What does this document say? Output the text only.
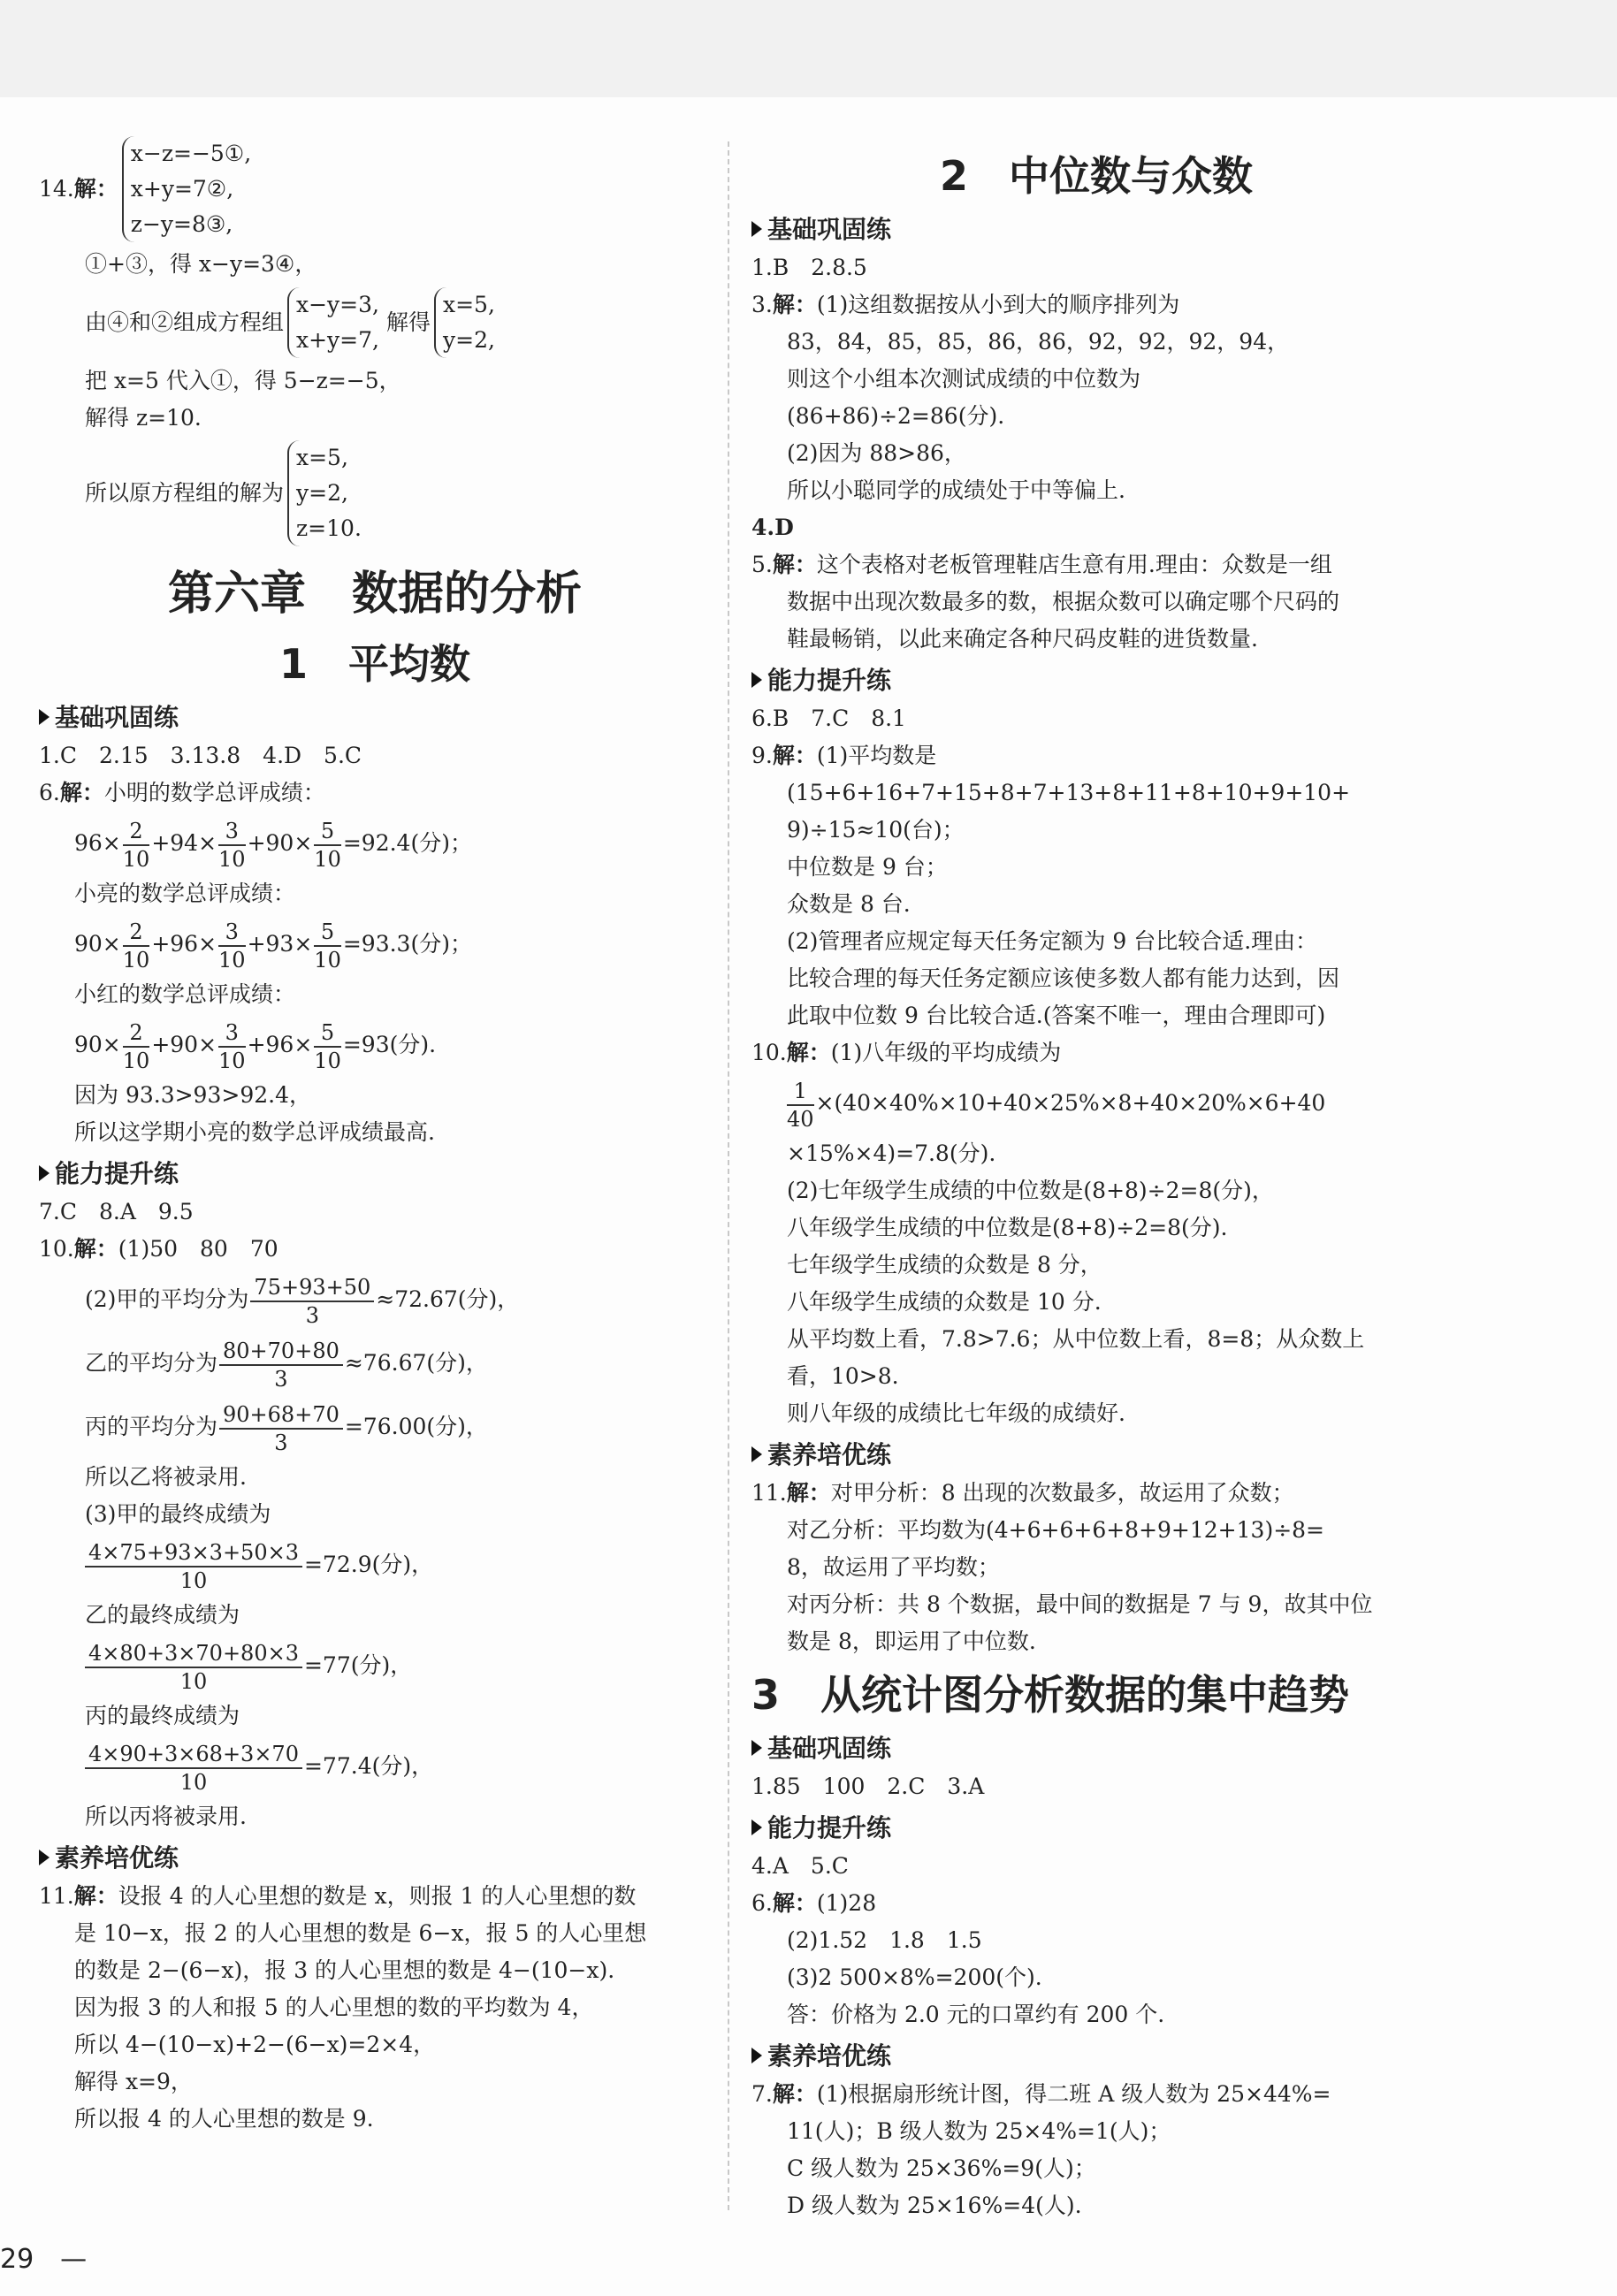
14. 解：
x−z=−5①,
x+y=7②,
z−y=8③,
①+③，得 x−y=3④，
由④和②组成方程组
x−y=3,
x+y=7,
解得
x=5,
y=2,
把 x=5 代入①，得 5−z=−5，
解得 z=10.
所以原方程组的解为
x=5,
y=2,
z=10.
第六章　数据的分析
1　平均数
基础巩固练
1.C　2.15　3.13.8　4.D　5.C
6.解：小明的数学总评成绩：
$96\times \frac{2}{10} +94\times \frac{3}{10} +90\times \frac{5}{10} =92.4$(分)；
小亮的数学总评成绩：
$90\times \frac{2}{10} +96\times \frac{3}{10} +93\times \frac{5}{10} =93.3$(分)；
小红的数学总评成绩：
$90\times \frac{2}{10} +90\times \frac{3}{10} +96\times \frac{5}{10} =93$(分).
因为 93.3>93>92.4，
所以这学期小亮的数学总评成绩最高.
能力提升练
7.C　8.A　9.5
10.解：(1)50　80　70
(2)甲的平均分为 $\frac{75+93+50}{3} \approx 72.67$(分)，
乙的平均分为 $\frac{80+70+80}{3} \approx 76.67$(分)，
丙的平均分为 $\frac{90+68+70}{3} =76.00$(分)，
所以乙将被录用.
(3)甲的最终成绩为
$\frac{4\times 75+93\times 3+50\times 3}{10} =72.9$(分)，
乙的最终成绩为
$\frac{4\times 80+3\times 70+80\times 3}{10} =77$(分)，
丙的最终成绩为
$\frac{4\times 90+3\times 68+3\times 70}{10} =77.4$(分)，
所以丙将被录用.
素养培优练
11.解：设报 4 的人心里想的数是 x，则报 1 的人心里想的数
是 10−x，报 2 的人心里想的数是 6−x，报 5 的人心里想
的数是 2−(6−x)，报 3 的人心里想的数是 4−(10−x).
因为报 3 的人和报 5 的人心里想的数的平均数为 4，
所以 4−(10−x)+2−(6−x)=2×4，
解得 x=9，
所以报 4 的人心里想的数是 9.
2　中位数与众数
基础巩固练
1.B　2.8.5
3.解：(1)这组数据按从小到大的顺序排列为
83，84，85，85，86，86，92，92，92，94，
则这个小组本次测试成绩的中位数为
(86+86)÷2=86(分).
(2)因为 88>86，
所以小聪同学的成绩处于中等偏上.
4.D
5.解：这个表格对老板管理鞋店生意有用.理由：众数是一组
数据中出现次数最多的数，根据众数可以确定哪个尺码的
鞋最畅销，以此来确定各种尺码皮鞋的进货数量.
能力提升练
6.B　7.C　8.1
9.解：(1)平均数是
(15+6+16+7+15+8+7+13+8+11+8+10+9+10+
9)÷15≈10(台)；
中位数是 9 台；
众数是 8 台.
(2)管理者应规定每天任务定额为 9 台比较合适.理由：
比较合理的每天任务定额应该使多数人都有能力达到，因
此取中位数 9 台比较合适.(答案不唯一，理由合理即可)
10.解：(1)八年级的平均成绩为
$\frac{1}{40} \times(40\times 40\%\times 10+40\times 25\%\times 8+40\times 20\%\times 6+40$
×15%×4)=7.8(分).
(2)七年级学生成绩的中位数是(8+8)÷2=8(分)，
八年级学生成绩的中位数是(8+8)÷2=8(分).
七年级学生成绩的众数是 8 分，
八年级学生成绩的众数是 10 分.
从平均数上看，7.8>7.6；从中位数上看，8=8；从众数上
看，10>8.
则八年级的成绩比七年级的成绩好.
素养培优练
11.解：对甲分析：8 出现的次数最多，故运用了众数；
对乙分析：平均数为(4+6+6+6+8+9+12+13)÷8=
8，故运用了平均数；
对丙分析：共 8 个数据，最中间的数据是 7 与 9，故其中位
数是 8，即运用了中位数.
3　从统计图分析数据的集中趋势
基础巩固练
1.85　100　2.C　3.A
能力提升练
4.A　5.C
6.解：(1)28
(2)1.52　1.8　1.5
(3)2 500×8%=200(个).
答：价格为 2.0 元的口罩约有 200 个.
素养培优练
7.解：(1)根据扇形统计图，得二班 A 级人数为 25×44%=
11(人)；B 级人数为 25×4%=1(人)；
C 级人数为 25×36%=9(人)；
D 级人数为 25×16%=4(人).
29　—
